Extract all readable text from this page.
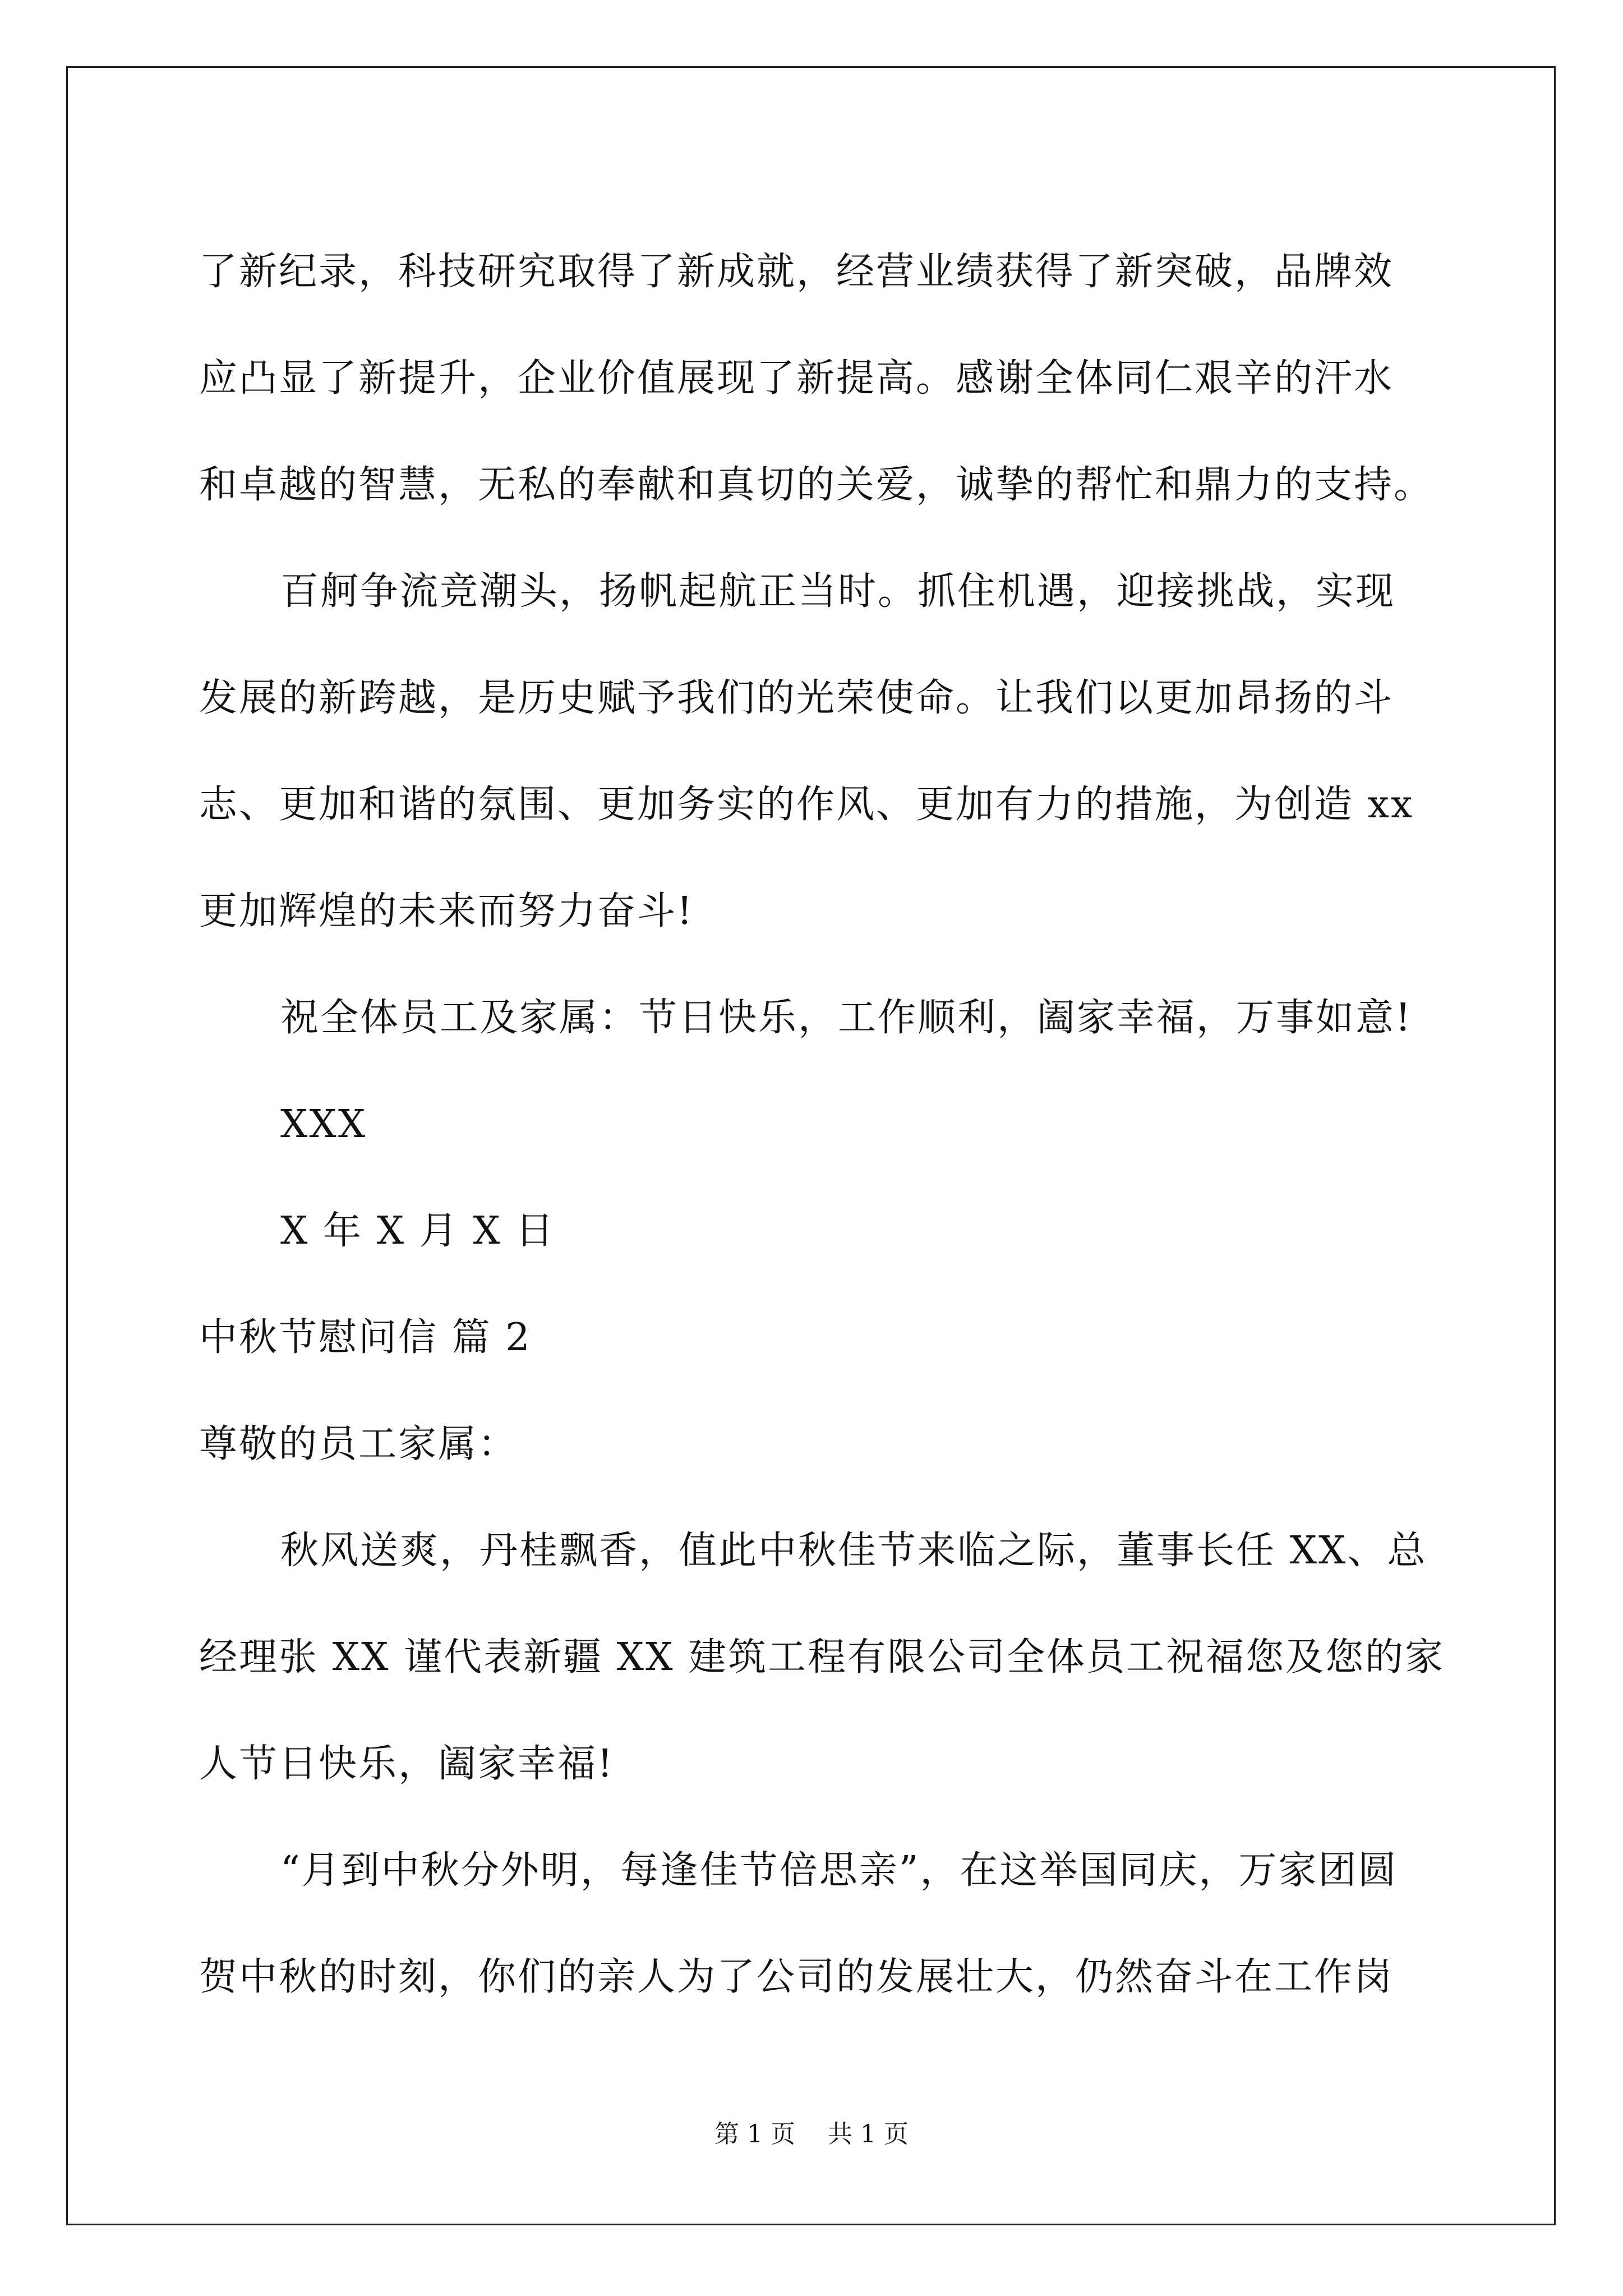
了新纪录，科技研究取得了新成就，经营业绩获得了新突破，品牌效
应凸显了新提升，企业价值展现了新提高。感谢全体同仁艰辛的汗水
和卓越的智慧，无私的奉献和真切的关爱，诚挚的帮忙和鼎力的支持。
百舸争流竞潮头，扬帆起航正当时。抓住机遇，迎接挑战，实现
发展的新跨越，是历史赋予我们的光荣使命。让我们以更加昂扬的斗
志、更加和谐的氛围、更加务实的作风、更加有力的措施，为创造 xx
更加辉煌的未来而努力奋斗!
祝全体员工及家属：节日快乐，工作顺利，阖家幸福，万事如意!
XXX
X 年 X 月 X 日
中秋节慰问信 篇 2
尊敬的员工家属：
秋风送爽，丹桂飘香，值此中秋佳节来临之际，董事长任 XX、总
经理张 XX 谨代表新疆 XX 建筑工程有限公司全体员工祝福您及您的家
人节日快乐，阖家幸福!
“月到中秋分外明，每逢佳节倍思亲”，在这举国同庆，万家团圆
贺中秋的时刻，你们的亲人为了公司的发展壮大，仍然奋斗在工作岗
第 1 页 共 1 页
